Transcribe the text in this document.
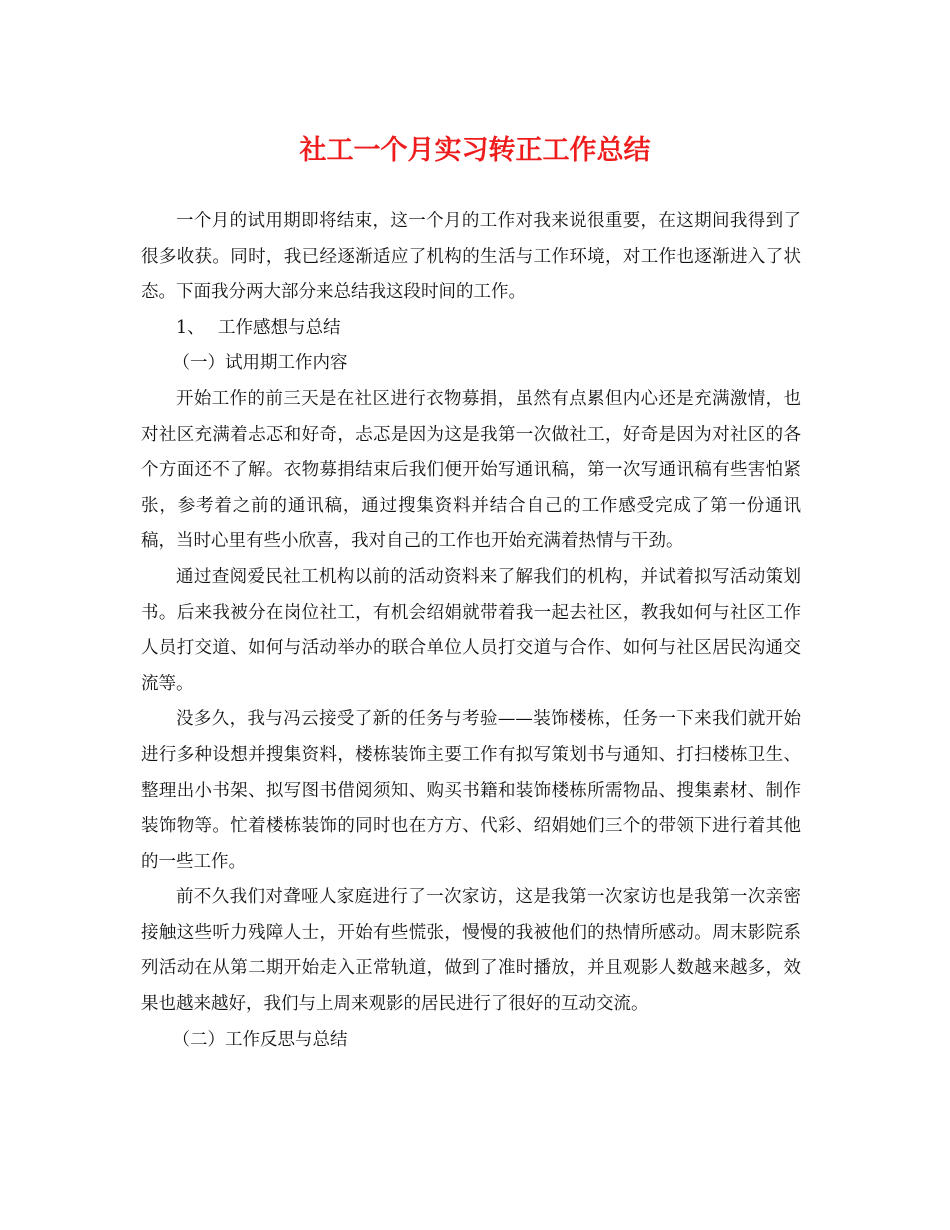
社工一个月实习转正工作总结

一个月的试用期即将结束，这一个月的工作对我来说很重要，在这期间我得到了很多收获。同时，我已经逐渐适应了机构的生活与工作环境，对工作也逐渐进入了状态。下面我分两大部分来总结我这段时间的工作。

1、 工作感想与总结

（一）试用期工作内容

开始工作的前三天是在社区进行衣物募捐，虽然有点累但内心还是充满激情，也对社区充满着忐忑和好奇，忐忑是因为这是我第一次做社工，好奇是因为对社区的各个方面还不了解。衣物募捐结束后我们便开始写通讯稿，第一次写通讯稿有些害怕紧张，参考着之前的通讯稿，通过搜集资料并结合自己的工作感受完成了第一份通讯稿，当时心里有些小欣喜，我对自己的工作也开始充满着热情与干劲。

通过查阅爱民社工机构以前的活动资料来了解我们的机构，并试着拟写活动策划书。后来我被分在岗位社工，有机会绍娟就带着我一起去社区，教我如何与社区工作人员打交道、如何与活动举办的联合单位人员打交道与合作、如何与社区居民沟通交流等。

没多久，我与冯云接受了新的任务与考验——装饰楼栋，任务一下来我们就开始进行多种设想并搜集资料，楼栋装饰主要工作有拟写策划书与通知、打扫楼栋卫生、整理出小书架、拟写图书借阅须知、购买书籍和装饰楼栋所需物品、搜集素材、制作装饰物等。忙着楼栋装饰的同时也在方方、代彩、绍娟她们三个的带领下进行着其他的一些工作。

前不久我们对聋哑人家庭进行了一次家访，这是我第一次家访也是我第一次亲密接触这些听力残障人士，开始有些慌张，慢慢的我被他们的热情所感动。周末影院系列活动在从第二期开始走入正常轨道，做到了准时播放，并且观影人数越来越多，效果也越来越好，我们与上周来观影的居民进行了很好的互动交流。

（二）工作反思与总结
